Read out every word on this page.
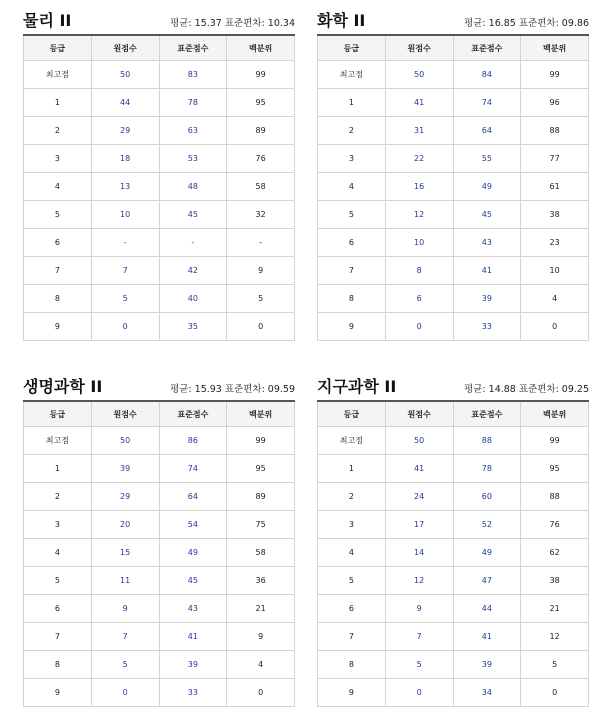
물리 II	평균: 15.37 표준편차: 10.34
등급	원점수	표준점수	백분위
최고점	50	83	99
1	44	78	95
2	29	63	89
3	18	53	76
4	13	48	58
5	10	45	32
6	-	-	-
7	7	42	9
8	5	40	5
9	0	35	0
화학 II	평균: 16.85 표준편차: 09.86
등급	원점수	표준점수	백분위
최고점	50	84	99
1	41	74	96
2	31	64	88
3	22	55	77
4	16	49	61
5	12	45	38
6	10	43	23
7	8	41	10
8	6	39	4
9	0	33	0
생명과학 II	평균: 15.93 표준편차: 09.59
등급	원점수	표준점수	백분위
최고점	50	86	99
1	39	74	95
2	29	64	89
3	20	54	75
4	15	49	58
5	11	45	36
6	9	43	21
7	7	41	9
8	5	39	4
9	0	33	0
지구과학 II	평균: 14.88 표준편차: 09.25
등급	원점수	표준점수	백분위
최고점	50	88	99
1	41	78	95
2	24	60	88
3	17	52	76
4	14	49	62
5	12	47	38
6	9	44	21
7	7	41	12
8	5	39	5
9	0	34	0
